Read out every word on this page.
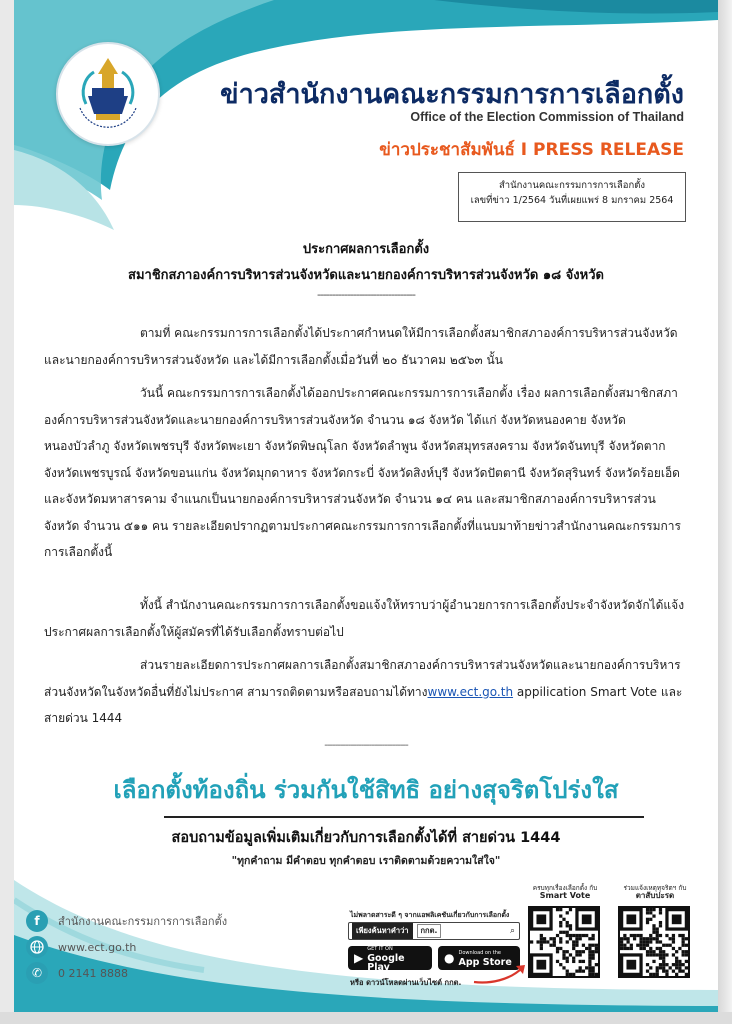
ข่าวสำนักงานคณะกรรมการการเลือกตั้ง
Office of the Election Commission of Thailand
ข่าวประชาสัมพันธ์ I PRESS RELEASE
สำนักงานคณะกรรมการการเลือกตั้ง
เลขที่ข่าว 1/2564 วันที่เผยแพร่ 8 มกราคม 2564
ประกาศผลการเลือกตั้ง
สมาชิกสภาองค์การบริหารส่วนจังหวัดและนายกองค์การบริหารส่วนจังหวัด ๑๘ จังหวัด
---------------------------------
ตามที่ คณะกรรมการการเลือกตั้งได้ประกาศกำหนดให้มีการเลือกตั้งสมาชิกสภาองค์การบริหารส่วนจังหวัดและนายกองค์การบริหารส่วนจังหวัด และได้มีการเลือกตั้งเมื่อวันที่ ๒๐ ธันวาคม ๒๕๖๓ นั้น
วันนี้ คณะกรรมการการเลือกตั้งได้ออกประกาศคณะกรรมการการเลือกตั้ง เรื่อง ผลการเลือกตั้งสมาชิกสภาองค์การบริหารส่วนจังหวัดและนายกองค์การบริหารส่วนจังหวัด จำนวน ๑๘ จังหวัด ได้แก่ จังหวัดหนองคาย จังหวัดหนองบัวลำภู จังหวัดเพชรบุรี จังหวัดพะเยา จังหวัดพิษณุโลก จังหวัดลำพูน จังหวัดสมุทรสงคราม จังหวัดจันทบุรี จังหวัดตาก จังหวัดเพชรบูรณ์ จังหวัดขอนแก่น จังหวัดมุกดาหาร จังหวัดกระบี่ จังหวัดสิงห์บุรี จังหวัดปัตตานี จังหวัดสุรินทร์ จังหวัดร้อยเอ็ด และจังหวัดมหาสารคาม จำแนกเป็นนายกองค์การบริหารส่วนจังหวัด จำนวน ๑๔ คน และสมาชิกสภาองค์การบริหารส่วนจังหวัด จำนวน ๕๑๑ คน รายละเอียดปรากฏตามประกาศคณะกรรมการการเลือกตั้งที่แนบมาท้ายข่าวสำนักงานคณะกรรมการการเลือกตั้งนี้
ทั้งนี้ สำนักงานคณะกรรมการการเลือกตั้งขอแจ้งให้ทราบว่าผู้อำนวยการการเลือกตั้งประจำจังหวัดจักได้แจ้งประกาศผลการเลือกตั้งให้ผู้สมัครที่ได้รับเลือกตั้งทราบต่อไป
ส่วนรายละเอียดการประกาศผลการเลือกตั้งสมาชิกสภาองค์การบริหารส่วนจังหวัดและนายกองค์การบริหารส่วนจังหวัดในจังหวัดอื่นที่ยังไม่ประกาศ สามารถติดตามหรือสอบถามได้ทางwww.ect.go.th appilication Smart Vote และสายด่วน 1444
--------------------------------
เลือกตั้งท้องถิ่น ร่วมกันใช้สิทธิ อย่างสุจริตโปร่งใส
สอบถามข้อมูลเพิ่มเติมเกี่ยวกับการเลือกตั้งได้ที่ สายด่วน 1444
"ทุกคำถาม มีคำตอบ ทุกคำตอบ เราติดตามด้วยความใส่ใจ"
f	สำนักงานคณะกรรมการการเลือกตั้ง
www.ect.go.th
✆	0 2141 8888
ไม่พลาดสาระดี ๆ จากแอพลิเคชันเกี่ยวกับการเลือกตั้ง
เพียงค้นหาคำว่า	กกต.	⌕
▶
GET IT ON
Google Play
● Download on the
App Store
หรือ ดาวน์โหลดผ่านเว็บไซต์ กกต.
ครบทุกเรื่องเลือกตั้ง กับ
Smart Vote
ร่วมแจ้งเหตุทุจริตฯ กับ
ตาสับปะรด
